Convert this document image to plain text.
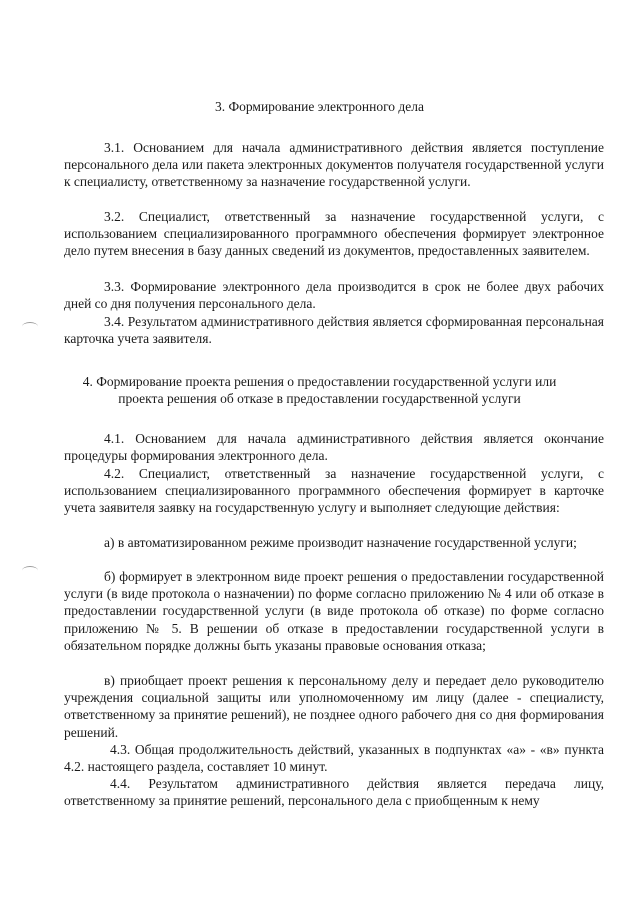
3. Формирование электронного дела

3.1. Основанием для начала административного действия является поступление персонального дела или пакета электронных документов получателя государственной услуги к специалисту, ответственному за назначение государственной услуги.

3.2. Специалист, ответственный за назначение государственной услуги, с использованием специализированного программного обеспечения формирует электронное дело путем внесения в базу данных сведений из документов, предоставленных заявителем.

3.3. Формирование электронного дела производится в срок не более двух рабочих дней со дня получения персонального дела.

3.4. Результатом административного действия является сформированная персональная карточка учета заявителя.

4. Формирование проекта решения о предоставлении государственной услуги или
проекта решения об отказе в предоставлении государственной услуги

4.1. Основанием для начала административного действия является окончание процедуры формирования электронного дела.

4.2. Специалист, ответственный за назначение государственной услуги, с использованием специализированного программного обеспечения формирует в карточке учета заявителя заявку на государственную услугу и выполняет следующие действия:

а) в автоматизированном режиме производит назначение государственной услуги;

б) формирует в электронном виде проект решения о предоставлении государственной услуги (в виде протокола о назначении) по форме согласно приложению № 4 или об отказе в предоставлении государственной услуги (в виде протокола об отказе) по форме согласно приложению № 5. В решении об отказе в предоставлении государственной услуги в обязательном порядке должны быть указаны правовые основания отказа;

в) приобщает проект решения к персональному делу и передает дело руководителю учреждения социальной защиты или уполномоченному им лицу (далее - специалисту, ответственному за принятие решений), не позднее одного рабочего дня со дня формирования решений.

4.3. Общая продолжительность действий, указанных в подпунктах «а» - «в» пункта 4.2. настоящего раздела, составляет 10 минут.

4.4. Результатом административного действия является передача лицу, ответственному за принятие решений, персонального дела с приобщенным к нему
